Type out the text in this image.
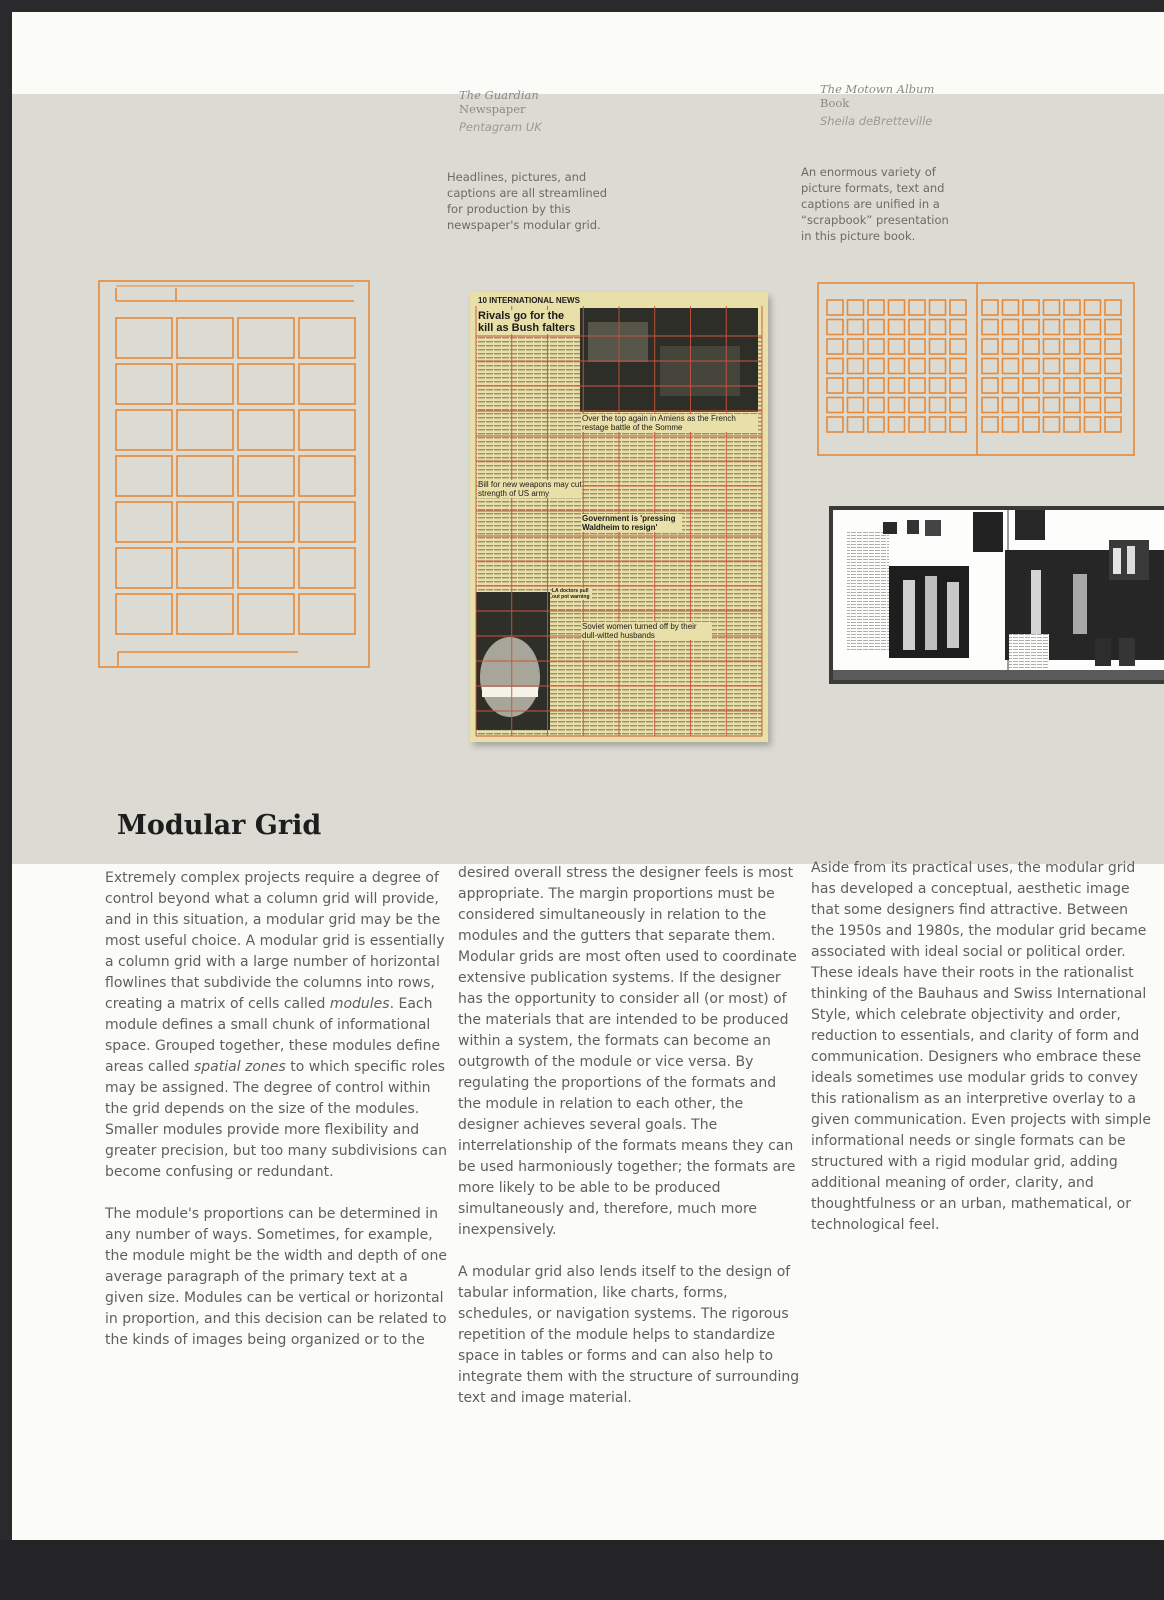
The Guardian
Newspaper
Pentagram UK
Headlines, pictures, and captions are all streamlined for production by this newspaper's modular grid.
The Motown Album
Book
Sheila deBretteville
An enormous variety of picture formats, text and captions are unified in a “scrapbook” presentation in this picture book.
10 INTERNATIONAL NEWS
Rivals go for the kill as Bush falters
Over the top again in Amiens as the French restage battle of the Somme
Bill for new weapons may cut strength of US army
Government is 'pressing Waldheim to resign'
LA doctors pull out pot warning
Soviet women turned off by their dull-witted husbands
Modular Grid

Extremely complex projects require a degree of control beyond what a column grid will provide, and in this situation, a modular grid may be the most useful choice. A modular grid is essentially a column grid with a large number of horizontal flowlines that subdivide the columns into rows, creating a matrix of cells called modules. Each module defines a small chunk of informational space. Grouped together, these modules define areas called spatial zones to which specific roles may be assigned. The degree of control within the grid depends on the size of the modules. Smaller modules provide more flexibility and greater precision, but too many subdivisions can become confusing or redundant.

The module's proportions can be determined in any number of ways. Sometimes, for example, the module might be the width and depth of one average paragraph of the primary text at a given size. Modules can be vertical or horizontal in proportion, and this decision can be related to the kinds of images being organized or to the

desired overall stress the designer feels is most appropriate. The margin proportions must be considered simultaneously in relation to the modules and the gutters that separate them. Modular grids are most often used to coordinate extensive publication systems. If the designer has the opportunity to consider all (or most) of the materials that are intended to be produced within a system, the formats can become an outgrowth of the module or vice versa. By regulating the proportions of the formats and the module in relation to each other, the designer achieves several goals. The interrelationship of the formats means they can be used harmoniously together; the formats are more likely to be able to be produced simultaneously and, therefore, much more inexpensively.

A modular grid also lends itself to the design of tabular information, like charts, forms, schedules, or navigation systems. The rigorous repetition of the module helps to standardize space in tables or forms and can also help to integrate them with the structure of surrounding text and image material.

Aside from its practical uses, the modular grid has developed a conceptual, aesthetic image that some designers find attractive. Between the 1950s and 1980s, the modular grid became associated with ideal social or political order. These ideals have their roots in the rationalist thinking of the Bauhaus and Swiss International Style, which celebrate objectivity and order, reduction to essentials, and clarity of form and communication. Designers who embrace these ideals sometimes use modular grids to convey this rationalism as an interpretive overlay to a given communication. Even projects with simple informational needs or single formats can be structured with a rigid modular grid, adding additional meaning of order, clarity, and thoughtfulness or an urban, mathematical, or technological feel.
